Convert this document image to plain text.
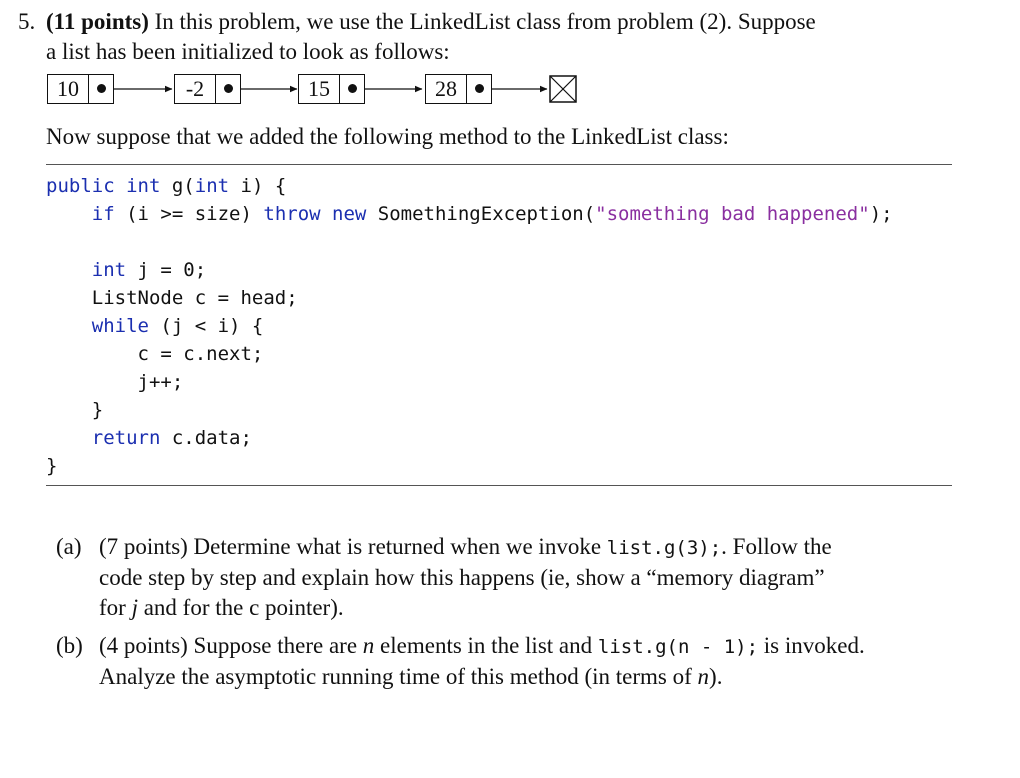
5. (11 points) In this problem, we use the LinkedList class from problem (2). Suppose
a list has been initialized to look as follows:
10	-2	15	28
Now suppose that we added the following method to the LinkedList class:
public int g(int i) {
if (i >= size) throw new SomethingException("something bad happened");

int j = 0;
ListNode c = head;
while (j < i) {
c = c.next;
j++;
}
return c.data;
}
(a) (7 points) Determine what is returned when we invoke list.g(3);. Follow the
code step by step and explain how this happens (ie, show a “memory diagram”
for j and for the c pointer).
(b) (4 points) Suppose there are n elements in the list and list.g(n - 1); is invoked.
Analyze the asymptotic running time of this method (in terms of n).
